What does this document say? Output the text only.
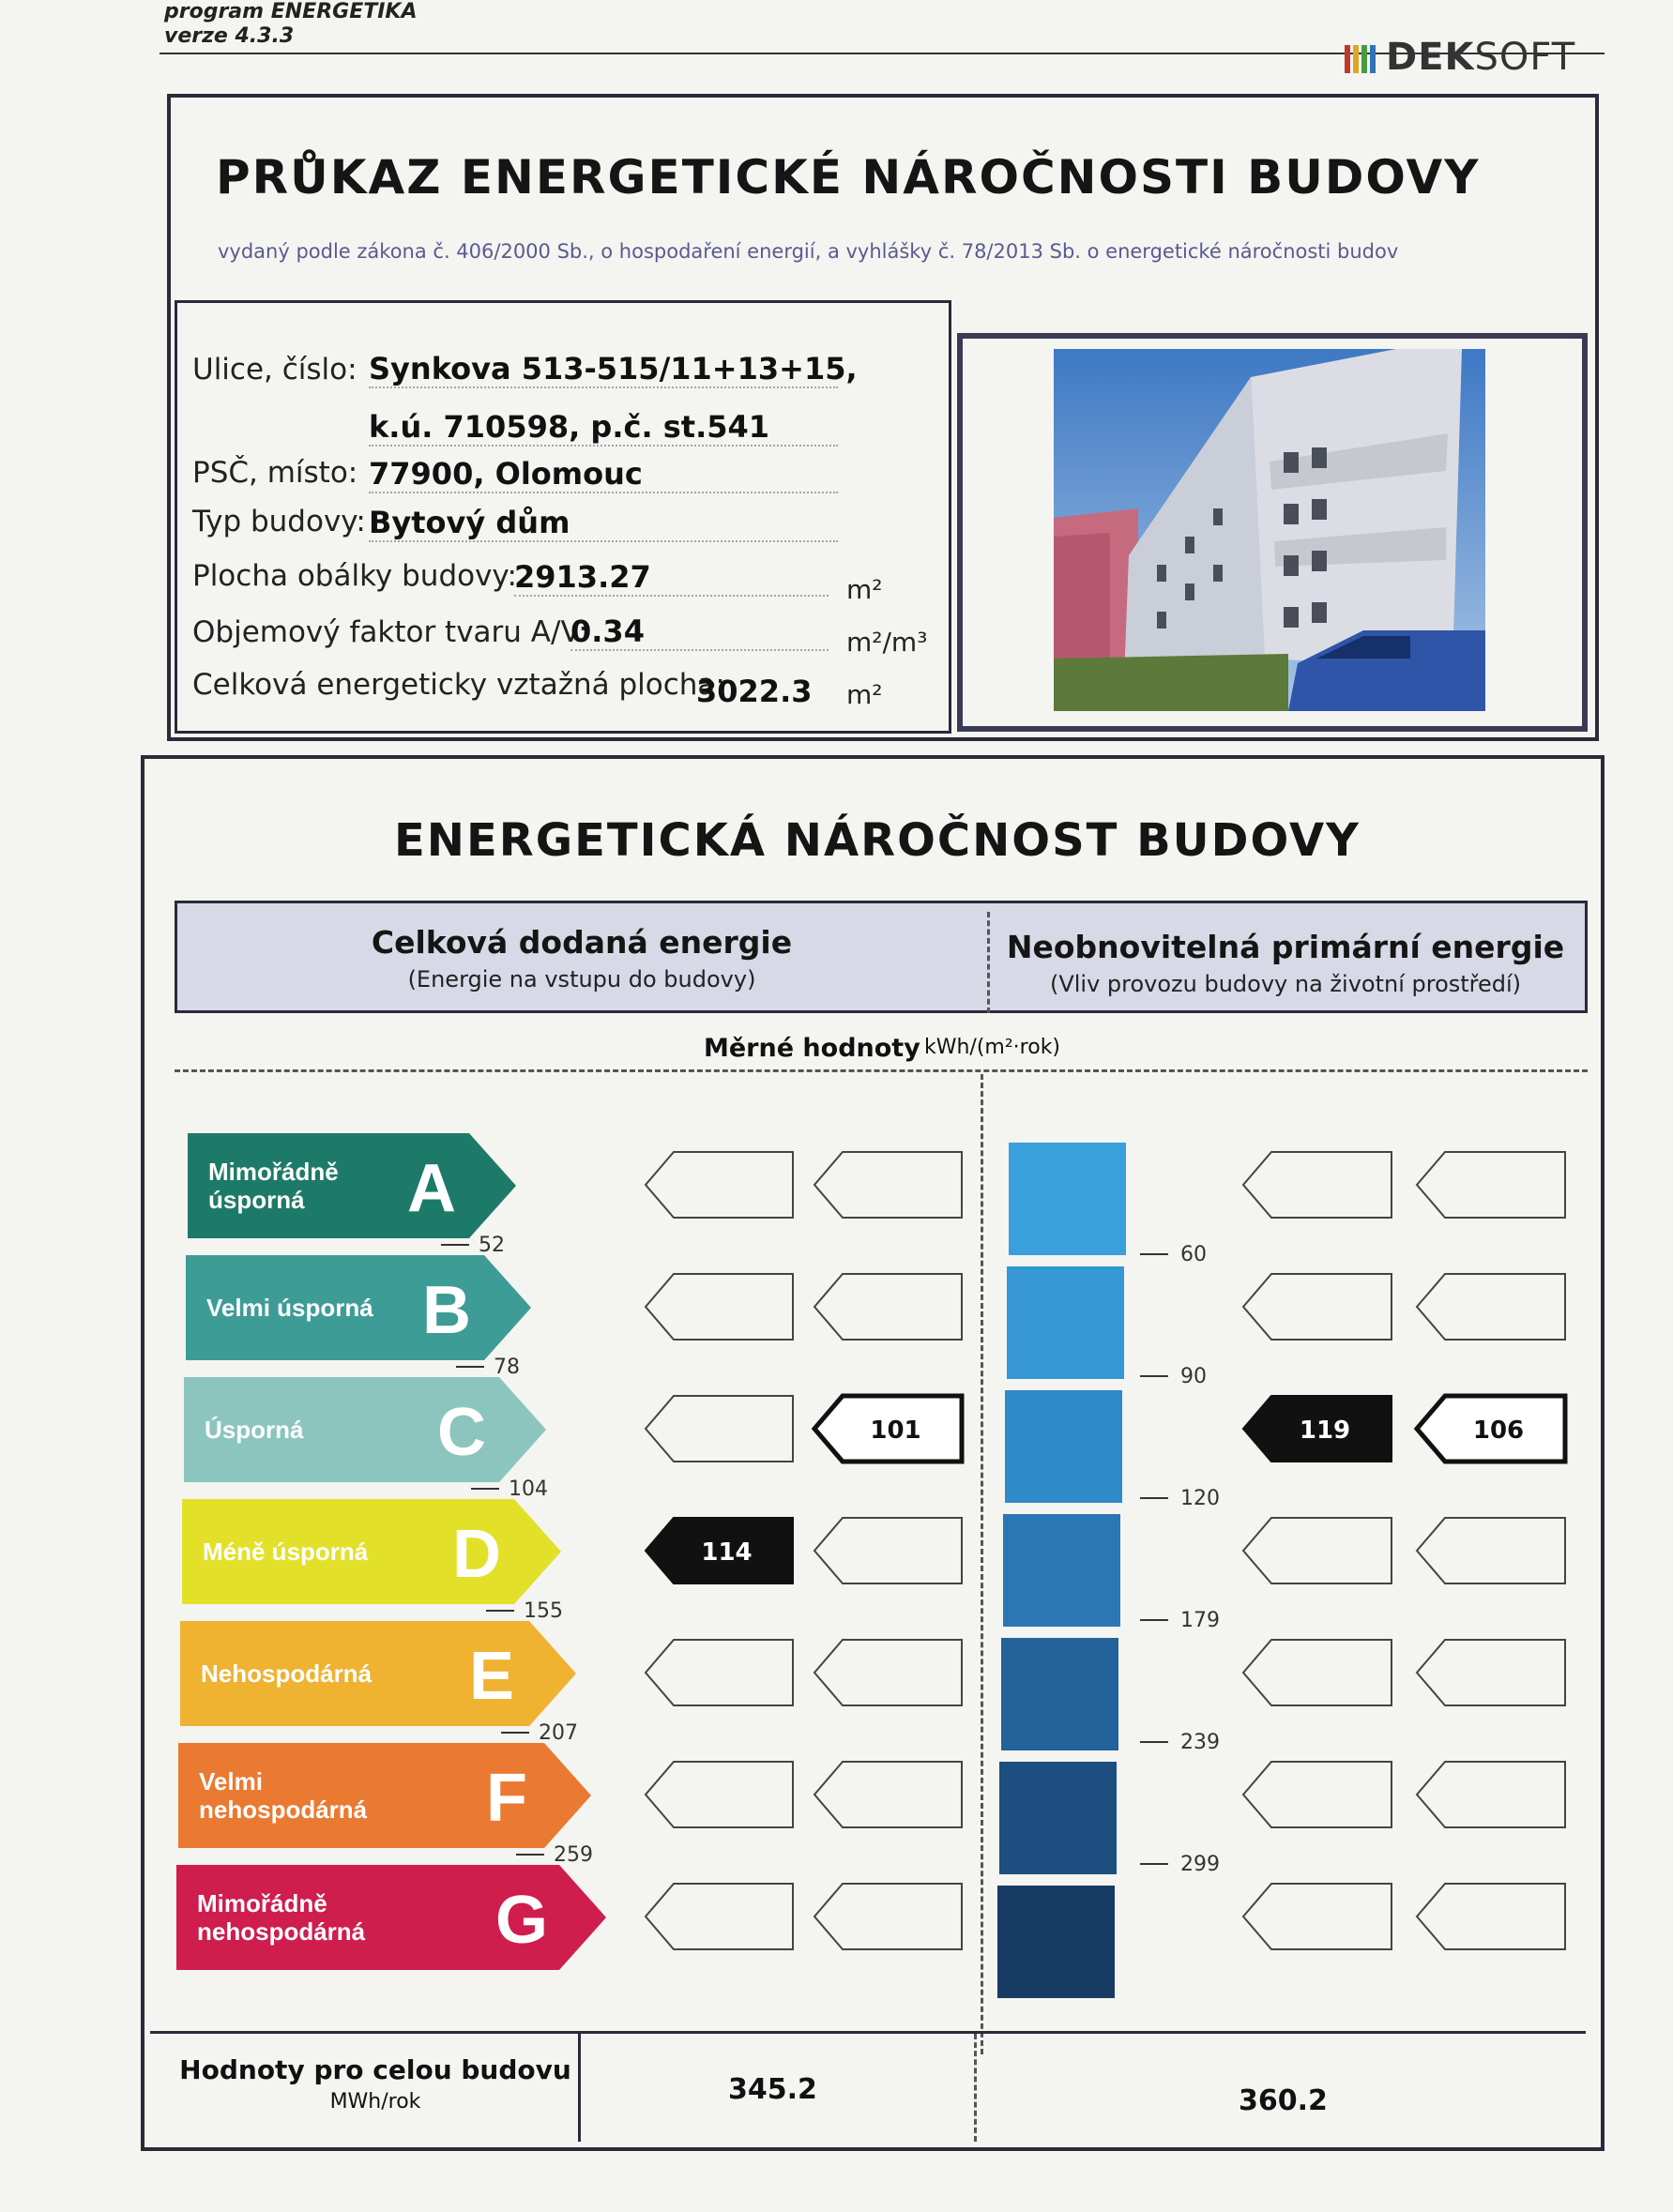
program ENERGETIKA
verze 4.3.3	DEK SOFT
PRŮKAZ ENERGETICKÉ NÁROČNOSTI BUDOVY
vydaný podle zákona č. 406/2000 Sb., o hospodaření energií, a vyhlášky č. 78/2013 Sb. o energetické náročnosti budov
Ulice, číslo: Synkova 513-515/11+13+15,
k.ú. 710598, p.č. st.541
PSČ, místo: 77900, Olomouc
Typ budovy: Bytový dům
Plocha obálky budovy:
2913.27	m²
Objemový faktor tvaru A/V:
0.34	m²/m³
Celková energeticky vztažná plocha:
3022.3 m²
ENERGETICKÁ NÁROČNOST BUDOVY
Celková dodaná energie
(Energie na vstupu do budovy)
Neobnovitelná primární energie
(Vliv provozu budovy na životní prostředí)
Měrné hodnoty kWh/(m²·rok)
Mimořádně
úsporná A
52
Velmi úsporná B
78
Úsporná C
104
Méně úsporná D
155
Nehospodárná E
207
Velmi
nehospodárná F
259
Mimořádně
nehospodárná G
60
90
120
179
239
299
114
101	119	106
Hodnoty pro celou budovu
MWh/rok	345.2	360.2
